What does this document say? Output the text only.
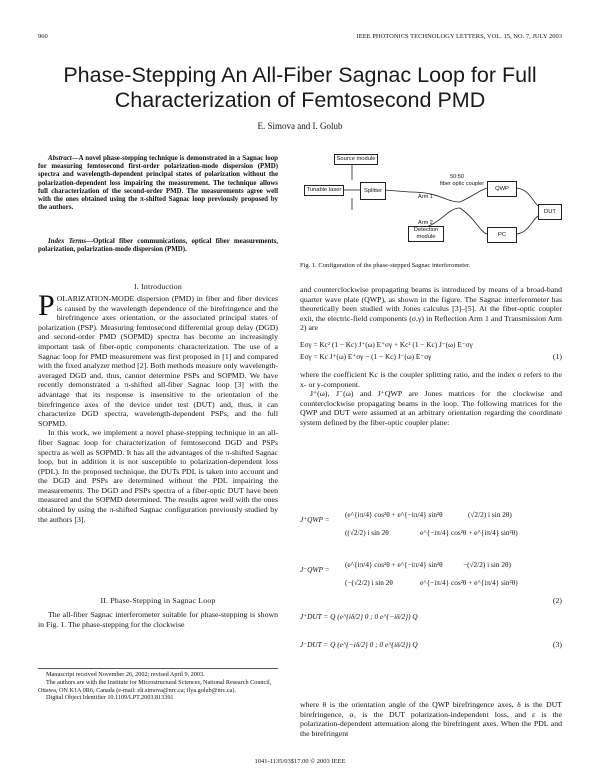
960	IEEE PHOTONICS TECHNOLOGY LETTERS, VOL. 15, NO. 7, JULY 2003
Phase-Stepping An All-Fiber Sagnac Loop for Full
Characterization of Femtosecond PMD
E. Simova and I. Golub
Abstract—A novel phase-stepping technique is demonstrated in a Sagnac loop for measuring femtosecond first-order polarization-mode dispersion (PMD) spectra and wavelength-dependent principal states of polarization without the polarization-dependent loss impairing the measurement. The technique allows full characterization of the second-order PMD. The measurements agree well with the ones obtained using the π-shifted Sagnac loop previously proposed by the authors.
Index Terms—Optical fiber communications, optical fiber measurements, polarization, polarization-mode dispersion (PMD).
Source module
Tunable laser	Splitter
Arm 1
Arm 2
Detection module
50:50
fiber optic coupler
QWP
DUT
PC
Fig. 1. Configuration of the phase-stepped Sagnac interferometer.
I. Introduction

POLARIZATION-MODE dispersion (PMD) in fiber and fiber devices is caused by the wavelength dependence of the birefringence and the birefringence axes orientation, or the associated principal states of polarization (PSP). Measuring femtosecond differential group delay (DGD) and second-order PMD (SOPMD) spectra has become an increasingly important task of fiber-optic components characterization. The use of a Sagnac loop for PMD measurement was first proposed in [1] and compared with the fixed analyzer method [2]. Both methods measure only wavelength-averaged DGD and, thus, cannot determine PSPs and SOPMD. We have recently demonstrated a π-shifted all-fiber Sagnac loop [3] with the advantage that its response is insensitive to the orientation of the birefringence axes of the device under test (DUT) and, thus, it can characterize DGD spectra, wavelength-dependent PSPs, and the full SOPMD.

In this work, we implement a novel phase-stepping technique in an all-fiber Sagnac loop for characterization of femtosecond DGD and PSPs spectra as well as SOPMD. It has all the advantages of the π-shifted Sagnac loop, but in addition it is not susceptible to polarization-dependent loss (PDL). In the proposed technique, the DUTs PDL is taken into account and the DGD and PSPs are determined without the PDL impairing the measurements. The DGD and PSPs spectra of a fiber-optic DUT have been measured and the SOPMD determined. The results agree well with the ones obtained by using the π-shifted Sagnac configuration previously studied by the authors [3].

II. Phase-Stepping in Sagnac Loop

The all-fiber Sagnac interferometer suitable for phase-stepping is shown in Fig. 1. The phase-stepping for the clockwise

Manuscript received November 26, 2002; revised April 9, 2003.
The authors are with the Institute for Microstructural Sciences, National Research Council, Ottawa, ON K1A 0R6, Canada (e-mail: eli.simova@nrc.ca; ilya.golub@nrc.ca).
Digital Object Identifier 10.1109/LPT.2003.813391

and counterclockwise propagating beams is introduced by means of a broad-band quarter wave plate (QWP), as shown in the figure. The Sagnac interferometer has theoretically been studied with Jones calculus [3]–[5]. At the fiber-optic coupler exit, the electric-field components (σ,γ) in Reflection Arm 1 and Transmission Arm 2) are

Eσγ = Kc² (1 − Kc) J⁺(ω) E⁺σγ + Kc² (1 − Kc) J⁻(ω) E⁻σγ
Eσγ = Kc J⁺(ω) E⁺σγ − (1 − Kc) J⁻(ω) E⁻σγ	(1)

where the coefficient Kc is the coupler splitting ratio, and the index σ refers to the x- or y-component.

J⁺(ω), J⁻(ω) and J⁺QWP are Jones matrices for the clockwise and counterclockwise propagating beams in the loop. The following matrices for the QWP and DUT were assumed at an arbitrary orientation regarding the coordinate system defined by the fiber-optic coupler plane:

J⁺QWP =
(e^{iπ/4} cos²θ + e^{−iπ/4} sin²θ	(√2/2) i sin 2θ)
((√2/2) i sin 2θ	e^{−iπ/4} cos²θ + e^{iπ/4} sin²θ)
J⁻QWP =
(e^{iπ/4} cos²θ + e^{−iπ/4} sin²θ	−(√2/2) i sin 2θ)
(−(√2/2) i sin 2θ	e^{−iπ/4} cos²θ + e^{iπ/4} sin²θ)
(2)
J⁺DUT = Q (e^{iδ/2} 0 ; 0 e^{−iδ/2}) Q
J⁻DUT = Q (e^{−iδ/2} 0 ; 0 e^{iδ/2}) Q	(3)

where θ is the orientation angle of the QWP birefringence axes, δ is the DUT birefringence, α₁ is the DUT polarization-independent loss, and ε is the polarization-dependent attenuation along the birefringent axes. When the PDL and the birefringent

1041-1135/03$17.00 © 2003 IEEE
